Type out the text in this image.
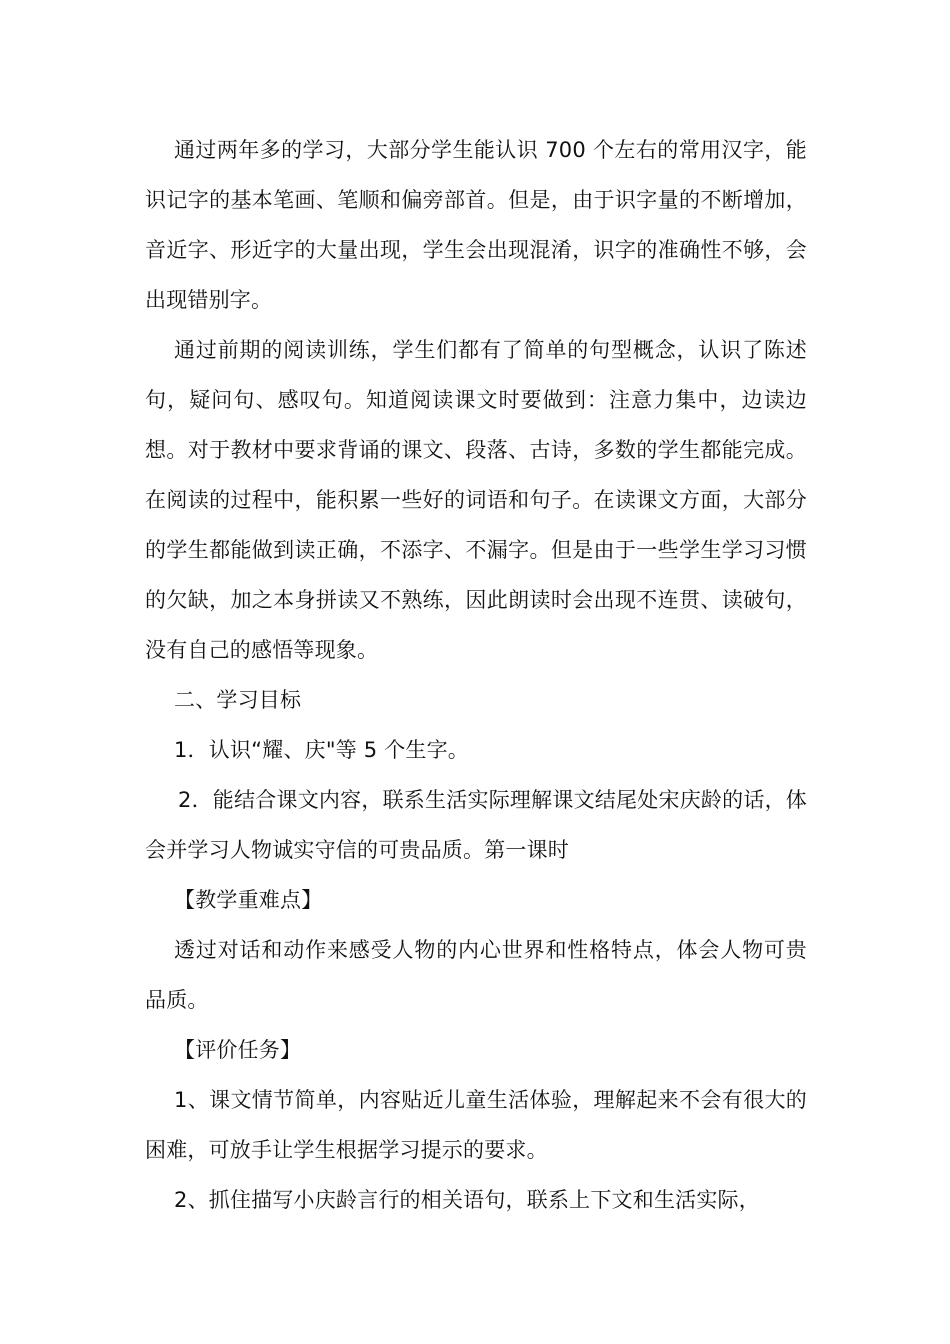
通过两年多的学习，大部分学生能认识 700 个左右的常用汉字，能识记字的基本笔画、笔顺和偏旁部首。但是，由于识字量的不断增加，音近字、形近字的大量出现，学生会出现混淆，识字的准确性不够，会出现错别字。

通过前期的阅读训练，学生们都有了简单的句型概念，认识了陈述句，疑问句、感叹句。知道阅读课文时要做到：注意力集中，边读边想。对于教材中要求背诵的课文、段落、古诗，多数的学生都能完成。在阅读的过程中，能积累一些好的词语和句子。在读课文方面，大部分的学生都能做到读正确，不添字、不漏字。但是由于一些学生学习习惯的欠缺，加之本身拼读又不熟练，因此朗读时会出现不连贯、读破句，没有自己的感悟等现象。

二、学习目标

1．认识“耀、庆"等 5 个生字。

2．能结合课文内容，联系生活实际理解课文结尾处宋庆龄的话，体会并学习人物诚实守信的可贵品质。第一课时

【教学重难点】

透过对话和动作来感受人物的内心世界和性格特点，体会人物可贵品质。

【评价任务】

1、课文情节简单，内容贴近儿童生活体验，理解起来不会有很大的困难，可放手让学生根据学习提示的要求。

2、抓住描写小庆龄言行的相关语句，联系上下文和生活实际，
